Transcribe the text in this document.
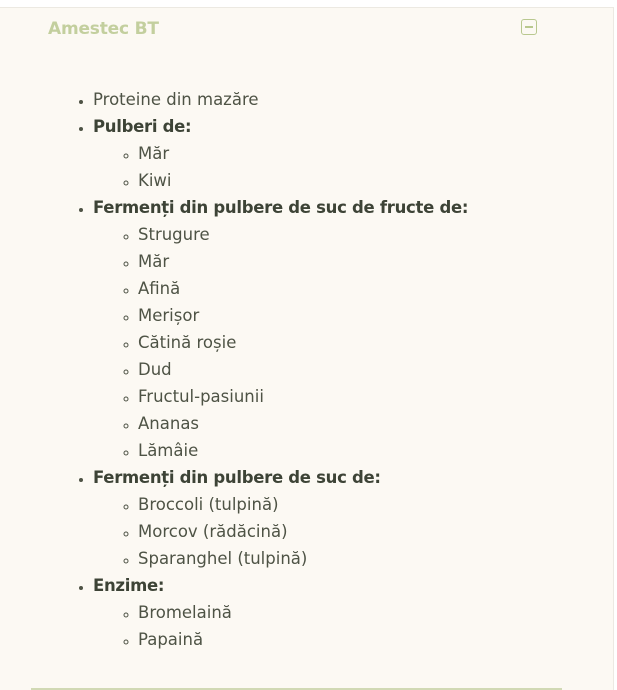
Amestec BT
• Proteine din mazăre
• Pulberi de:
◦ Măr
◦ Kiwi
• Fermenți din pulbere de suc de fructe de:
◦ Strugure
◦ Măr
◦ Afină
◦ Merișor
◦ Cătină roșie
◦ Dud
◦ Fructul-pasiunii
◦ Ananas
◦ Lămâie
• Fermenți din pulbere de suc de:
◦ Broccoli (tulpină)
◦ Morcov (rădăcină)
◦ Sparanghel (tulpină)
• Enzime:
◦ Bromelaină
◦ Papaină
